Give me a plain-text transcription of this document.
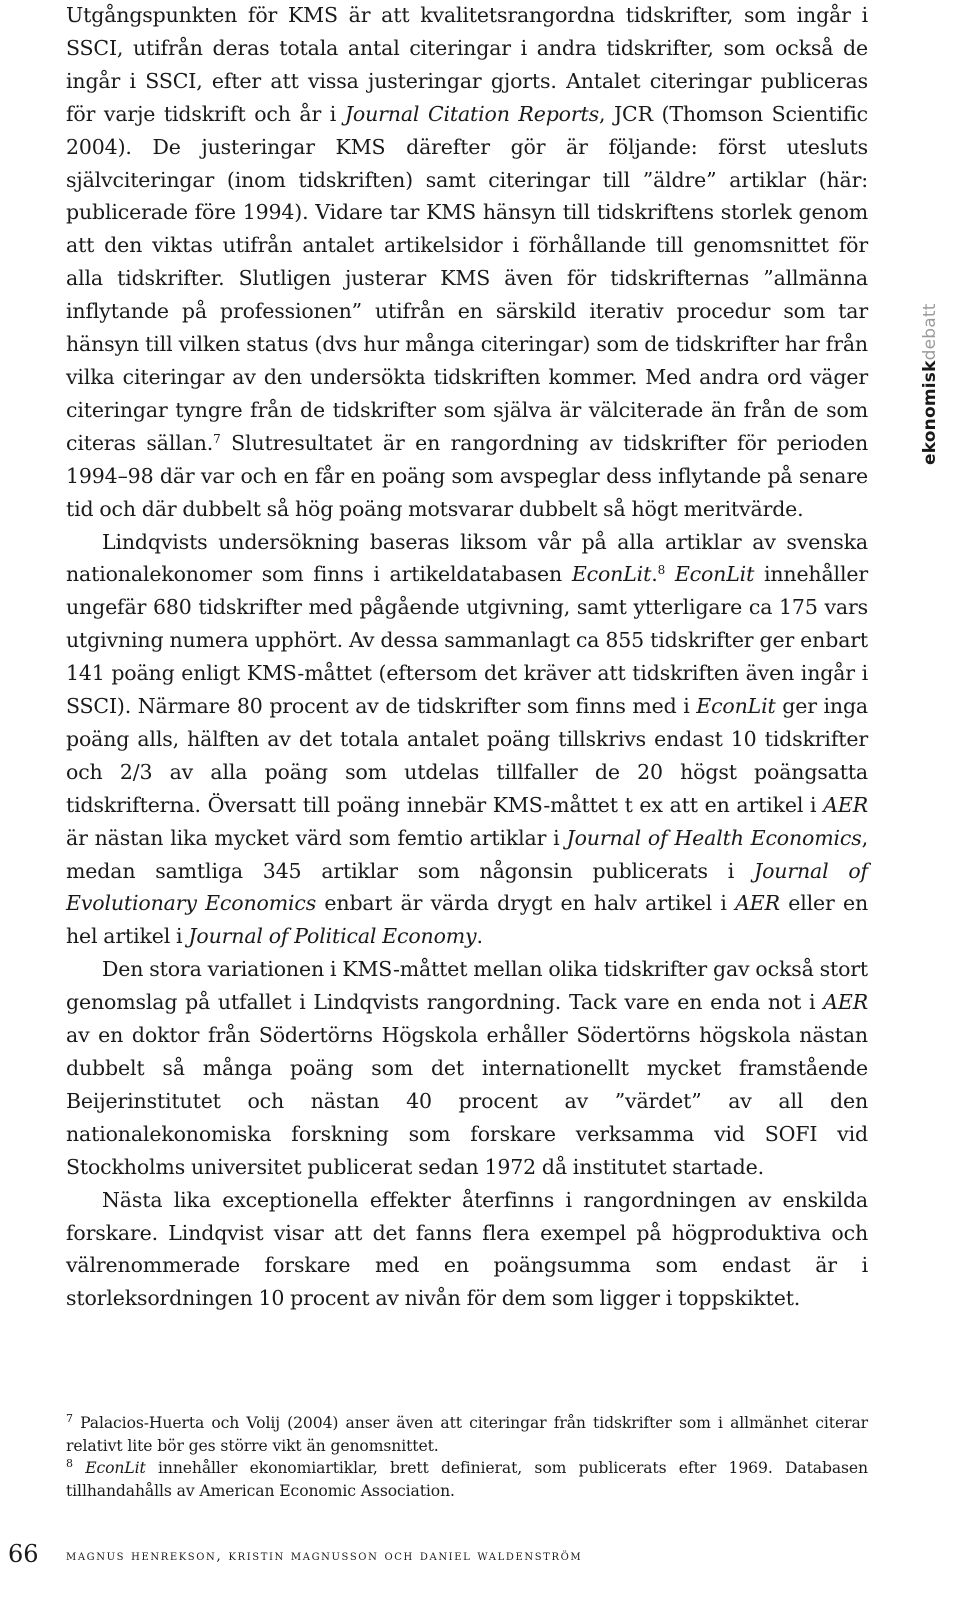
Utgångspunkten för KMS är att kvalitetsrangordna tidskrifter, som ingår i SSCI, utifrån deras totala antal citeringar i andra tidskrifter, som också de ingår i SSCI, efter att vissa justeringar gjorts. Antalet citeringar publiceras för varje tidskrift och år i Journal Citation Reports, JCR (Thomson Scientific 2004). De justeringar KMS därefter gör är följande: först utesluts självciteringar (inom tidskriften) samt citeringar till ”äldre” artiklar (här: publicerade före 1994). Vidare tar KMS hänsyn till tidskriftens storlek genom att den viktas utifrån antalet artikelsidor i förhållande till genomsnittet för alla tidskrifter. Slutligen justerar KMS även för tidskrifternas ”allmänna inflytande på professionen” utifrån en särskild iterativ procedur som tar hänsyn till vilken status (dvs hur många citeringar) som de tidskrifter har från vilka citeringar av den undersökta tidskriften kommer. Med andra ord väger citeringar tyngre från de tidskrifter som själva är välciterade än från de som citeras sällan.$^7$ Slutresultatet är en rangordning av tidskrifter för perioden 1994–98 där var och en får en poäng som avspeglar dess inflytande på senare tid och där dubbelt så hög poäng motsvarar dubbelt så högt meritvärde.

Lindqvists undersökning baseras liksom vår på alla artiklar av svenska nationalekonomer som finns i artikeldatabasen EconLit.$^8$ EconLit innehåller ungefär 680 tidskrifter med pågående utgivning, samt ytterligare ca 175 vars utgivning numera upphört. Av dessa sammanlagt ca 855 tidskrifter ger enbart 141 poäng enligt KMS-måttet (eftersom det kräver att tidskriften även ingår i SSCI). Närmare 80 procent av de tidskrifter som finns med i EconLit ger inga poäng alls, hälften av det totala antalet poäng tillskrivs endast 10 tidskrifter och 2/3 av alla poäng som utdelas tillfaller de 20 högst poängsatta tidskrifterna. Översatt till poäng innebär KMS-måttet t ex att en artikel i AER är nästan lika mycket värd som femtio artiklar i Journal of Health Economics, medan samtliga 345 artiklar som någonsin publicerats i Journal of Evolutionary Economics enbart är värda drygt en halv artikel i AER eller en hel artikel i Journal of Political Economy.

Den stora variationen i KMS-måttet mellan olika tidskrifter gav också stort genomslag på utfallet i Lindqvists rangordning. Tack vare en enda not i AER av en doktor från Södertörns Högskola erhåller Södertörns högskola nästan dubbelt så många poäng som det internationellt mycket framstående Beijerinstitutet och nästan 40 procent av ”värdet” av all den nationalekonomiska forskning som forskare verksamma vid SOFI vid Stockholms universitet publicerat sedan 1972 då institutet startade.

Nästa lika exceptionella effekter återfinns i rangordningen av enskilda forskare. Lindqvist visar att det fanns flera exempel på högproduktiva och välrenommerade forskare med en poängsumma som endast är i storleksordningen 10 procent av nivån för dem som ligger i toppskiktet.

ekonomiskdebatt

$^7$ Palacios-Huerta och Volij (2004) anser även att citeringar från tidskrifter som i allmänhet citerar relativt lite bör ges större vikt än genomsnittet.

$^8$ EconLit innehåller ekonomiartiklar, brett definierat, som publicerats efter 1969. Databasen tillhandahålls av American Economic Association.

66 magnus henrekson, kristin magnusson och daniel waldenström
